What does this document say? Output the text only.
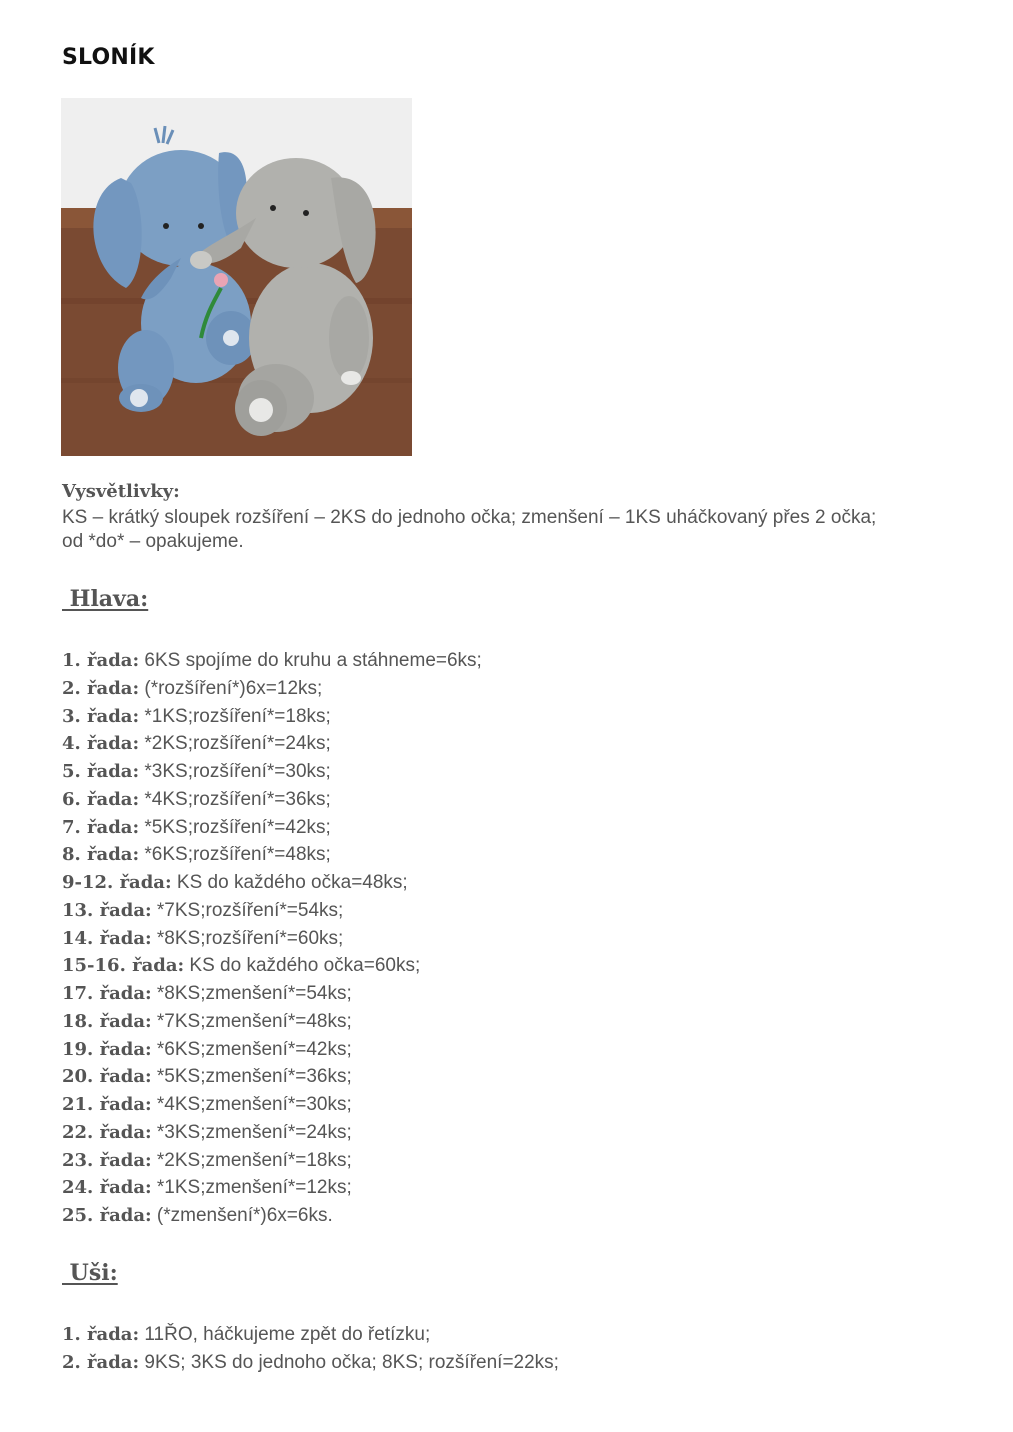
SLONÍK
Vysvětlivky:
KS – krátký sloupek rozšíření – 2KS do jednoho očka; zmenšení – 1KS uháčkovaný přes 2 očka;
od *do* – opakujeme.
Hlava:
1. řada: 6KS spojíme do kruhu a stáhneme=6ks;
2. řada: (*rozšíření*)6x=12ks;
3. řada: *1KS;rozšíření*=18ks;
4. řada: *2KS;rozšíření*=24ks;
5. řada: *3KS;rozšíření*=30ks;
6. řada: *4KS;rozšíření*=36ks;
7. řada: *5KS;rozšíření*=42ks;
8. řada: *6KS;rozšíření*=48ks;
9-12. řada: KS do každého očka=48ks;
13. řada: *7KS;rozšíření*=54ks;
14. řada: *8KS;rozšíření*=60ks;
15-16. řada: KS do každého očka=60ks;
17. řada: *8KS;zmenšení*=54ks;
18. řada: *7KS;zmenšení*=48ks;
19. řada: *6KS;zmenšení*=42ks;
20. řada: *5KS;zmenšení*=36ks;
21. řada: *4KS;zmenšení*=30ks;
22. řada: *3KS;zmenšení*=24ks;
23. řada: *2KS;zmenšení*=18ks;
24. řada: *1KS;zmenšení*=12ks;
25. řada: (*zmenšení*)6x=6ks.
Uši:
1. řada: 11ŘO, háčkujeme zpět do řetízku;
2. řada: 9KS; 3KS do jednoho očka; 8KS; rozšíření=22ks;
